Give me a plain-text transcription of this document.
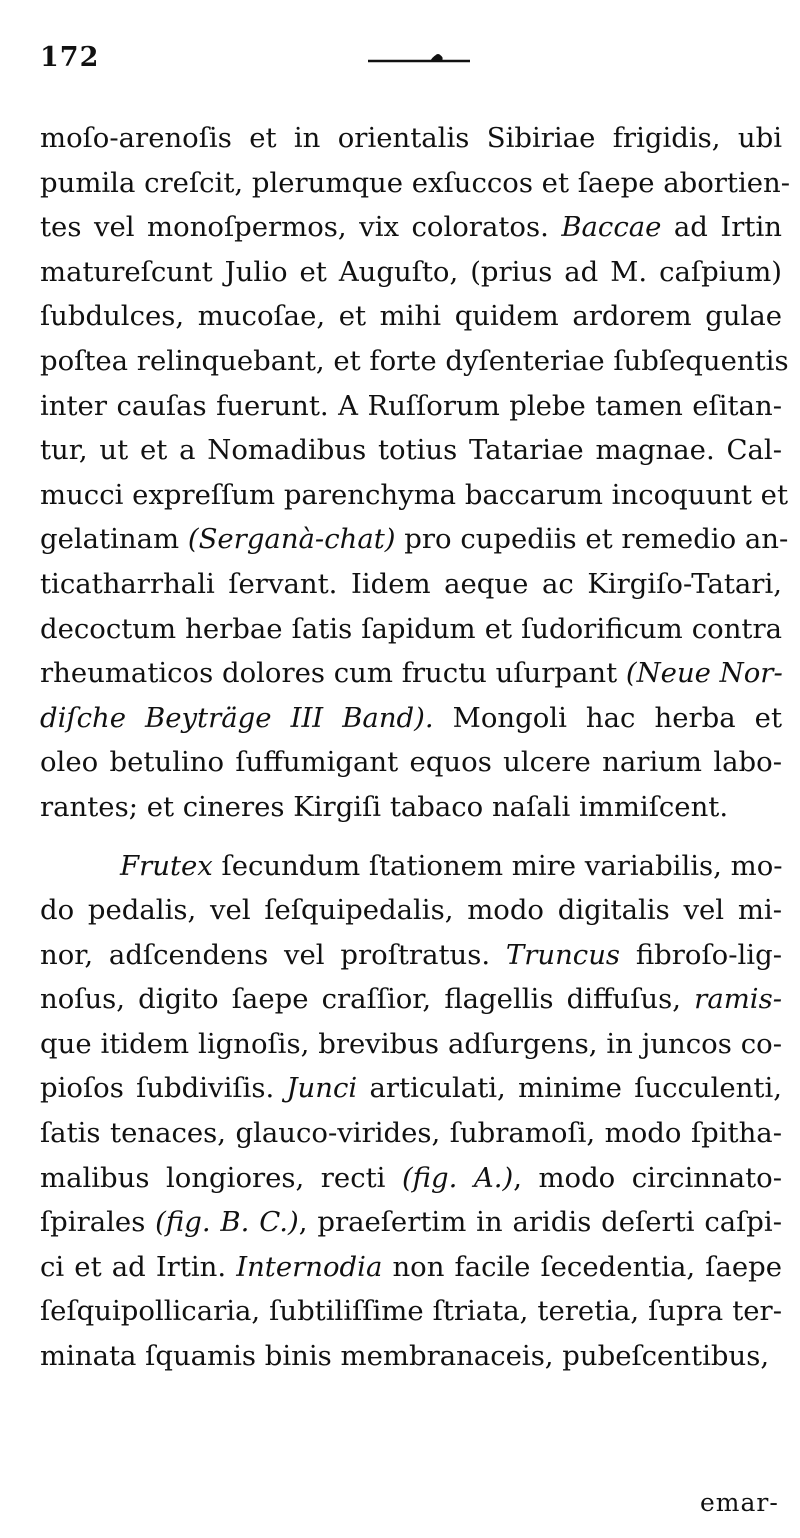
172
moſo-arenoſis et in orientalis Sibiriae frigidis, ubi
pumila creſcit, plerumque exſuccos et ſaepe abortien-
tes vel monoſpermos, vix coloratos. Baccae ad Irtin
matureſcunt Julio et Auguſto, (prius ad M. caſpium)
ſubdulces, mucoſae, et mihi quidem ardorem gulae
poſtea relinquebant, et forte dyſenteriae ſubſequentis
inter cauſas fuerunt. A Ruſſorum plebe tamen eſitan-
tur, ut et a Nomadibus totius Tatariae magnae. Cal-
mucci expreſſum parenchyma baccarum incoquunt et
gelatinam (Serganà-chat) pro cupediis et remedio an-
ticatharrhali ſervant. Iidem aeque ac Kirgiſo-Tatari,
decoctum herbae ſatis ſapidum et ſudorificum contra
rheumaticos dolores cum fructu uſurpant (Neue Nor-
diſche Beyträge III Band). Mongoli hac herba et
oleo betulino ſuffumigant equos ulcere narium labo-
rantes; et cineres Kirgiſi tabaco naſali immiſcent.
Frutex ſecundum ſtationem mire variabilis, mo-
do pedalis, vel ſeſquipedalis, modo digitalis vel mi-
nor, adſcendens vel proſtratus. Truncus fibroſo-lig-
noſus, digito ſaepe craſſior, flagellis diffuſus, ramis-
que itidem lignoſis, brevibus adſurgens, in juncos co-
pioſos ſubdiviſis. Junci articulati, minime ſucculenti,
ſatis tenaces, glauco-virides, ſubramoſi, modo ſpitha-
malibus longiores, recti (fig. A.), modo circinnato-
ſpirales (fig. B. C.), praeſertim in aridis deſerti caſpi-
ci et ad Irtin. Internodia non facile ſecedentia, ſaepe
ſeſquipollicaria, ſubtiliſſime ſtriata, teretia, ſupra ter-
minata ſquamis binis membranaceis, pubeſcentibus,
emar-
